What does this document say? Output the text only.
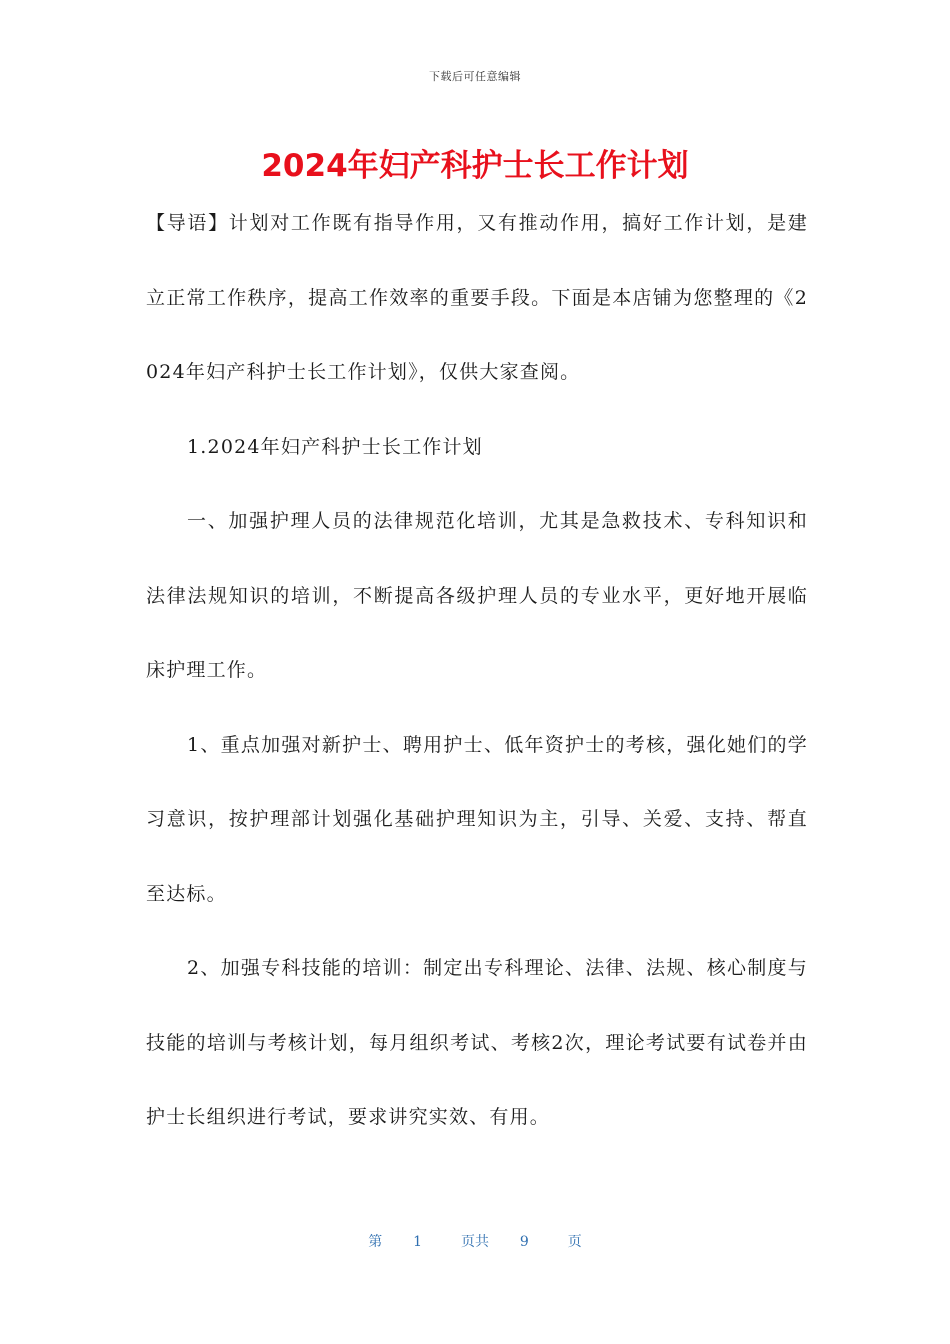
下载后可任意编辑
2024年妇产科护士长工作计划

【导语】计划对工作既有指导作用，又有推动作用，搞好工作计划，是建立正常工作秩序，提高工作效率的重要手段。下面是本店铺为您整理的《2024年妇产科护士长工作计划》，仅供大家查阅。

1.2024年妇产科护士长工作计划

一、加强护理人员的法律规范化培训，尤其是急救技术、专科知识和法律法规知识的培训，不断提高各级护理人员的专业水平，更好地开展临床护理工作。

1、重点加强对新护士、聘用护士、低年资护士的考核，强化她们的学习意识，按护理部计划强化基础护理知识为主，引导、关爱、支持、帮直至达标。

2、加强专科技能的培训：制定出专科理论、法律、法规、核心制度与技能的培训与考核计划，每月组织考试、考核2次，理论考试要有试卷并由护士长组织进行考试，要求讲究实效、有用。

第 1	页共 9	页
